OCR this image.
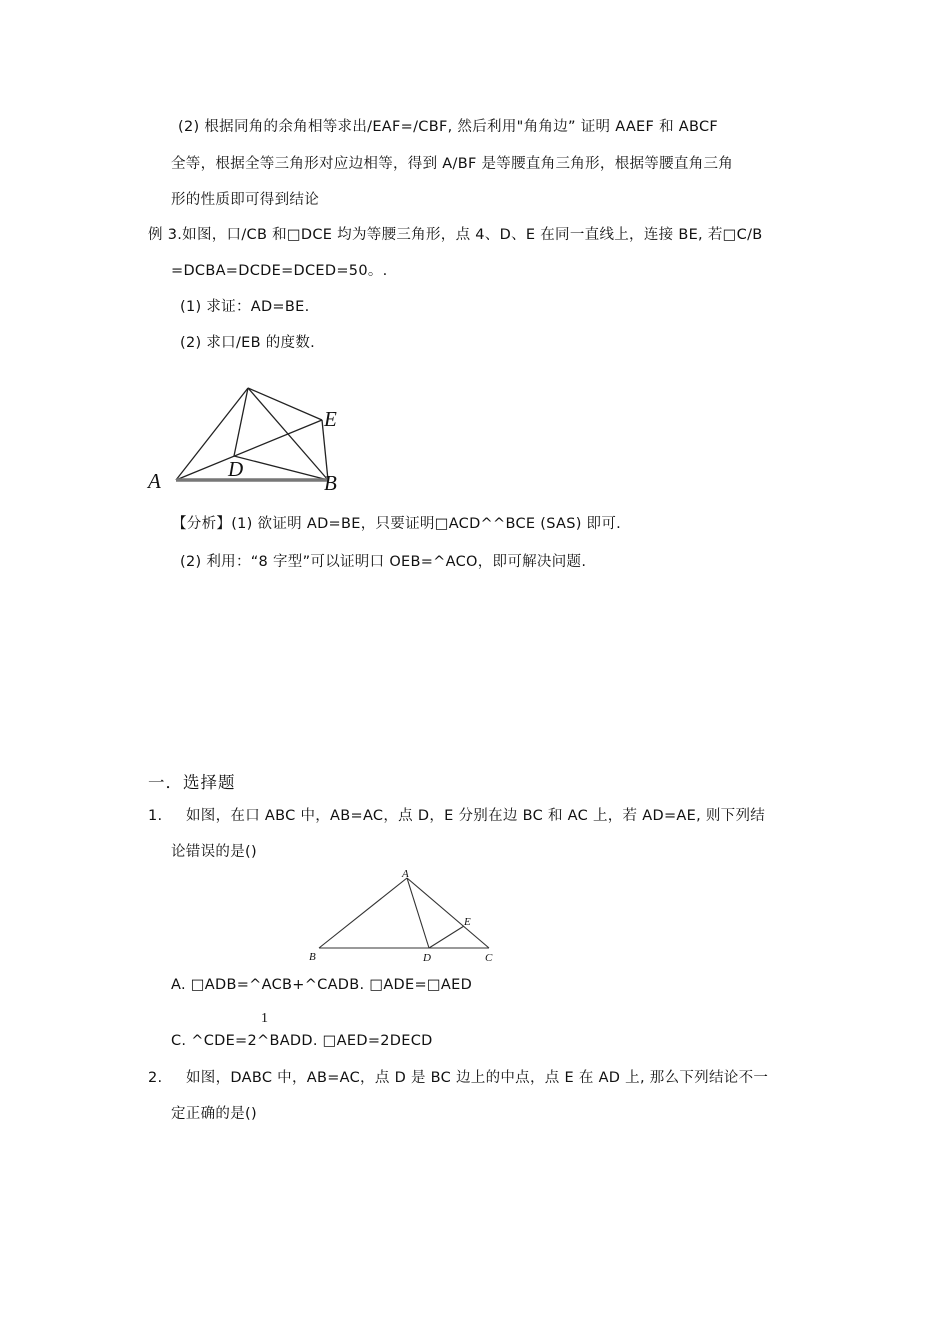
(2) 根据同角的余角相等求出/EAF=/CBF, 然后利用"角角边” 证明 AAEF 和 ABCF
全等，根据全等三角形对应边相等，得到 A/BF 是等腰直角三角形，根据等腰直角三角
形的性质即可得到结论
例 3.如图，口/CB 和□DCE 均为等腰三角形，点 4、D、E 在同一直线上，连接 BE, 若□C/B
=DCBA=DCDE=DCED=50。.
(1) 求证：AD=BE.
(2) 求口/EB 的度数.
A	B
D
E
【分析】(1) 欲证明 AD=BE，只要证明□ACD^^BCE (SAS) 即可.
(2) 利用：“8 字型”可以证明口 OEB=^ACO，即可解决问题.
一．选择题
1. 如图，在口 ABC 中，AB=AC，点 D，E 分别在边 BC 和 AC 上，若 AD=AE, 则下列结
论错误的是()
A
B	C
D
E
A. □ADB=^ACB+^CADB. □ADE=□AED
1
C. ^CDE=2^BADD. □AED=2DECD
2. 如图，DABC 中，AB=AC，点 D 是 BC 边上的中点，点 E 在 AD 上, 那么下列结论不一
定正确的是()
